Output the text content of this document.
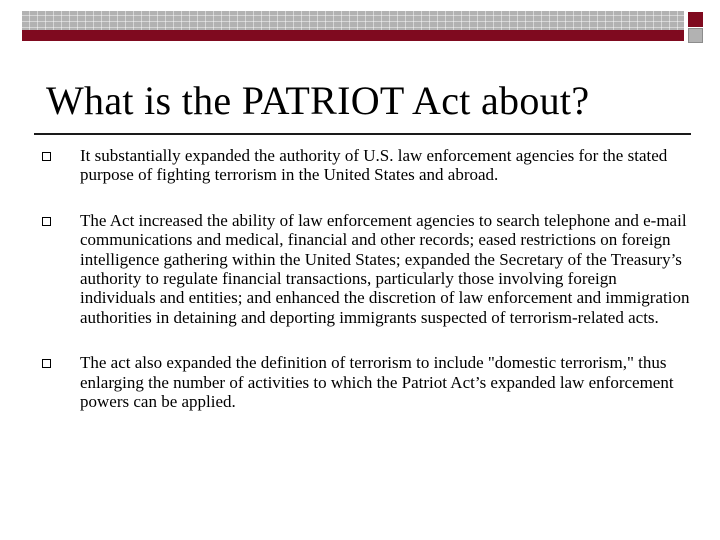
What is the PATRIOT Act about?
It substantially expanded the authority of U.S. law enforcement agencies for the stated purpose of fighting terrorism in the United States and abroad.
The Act increased the ability of law enforcement agencies to search telephone and e-mail communications and medical, financial and other records; eased restrictions on foreign intelligence gathering within the United States; expanded the Secretary of the Treasury’s authority to regulate financial transactions, particularly those involving foreign individuals and entities; and enhanced the discretion of law enforcement and immigration authorities in detaining and deporting immigrants suspected of terrorism-related acts.
The act also expanded the definition of terrorism to include "domestic terrorism," thus enlarging the number of activities to which the Patriot Act’s expanded law enforcement powers can be applied.
